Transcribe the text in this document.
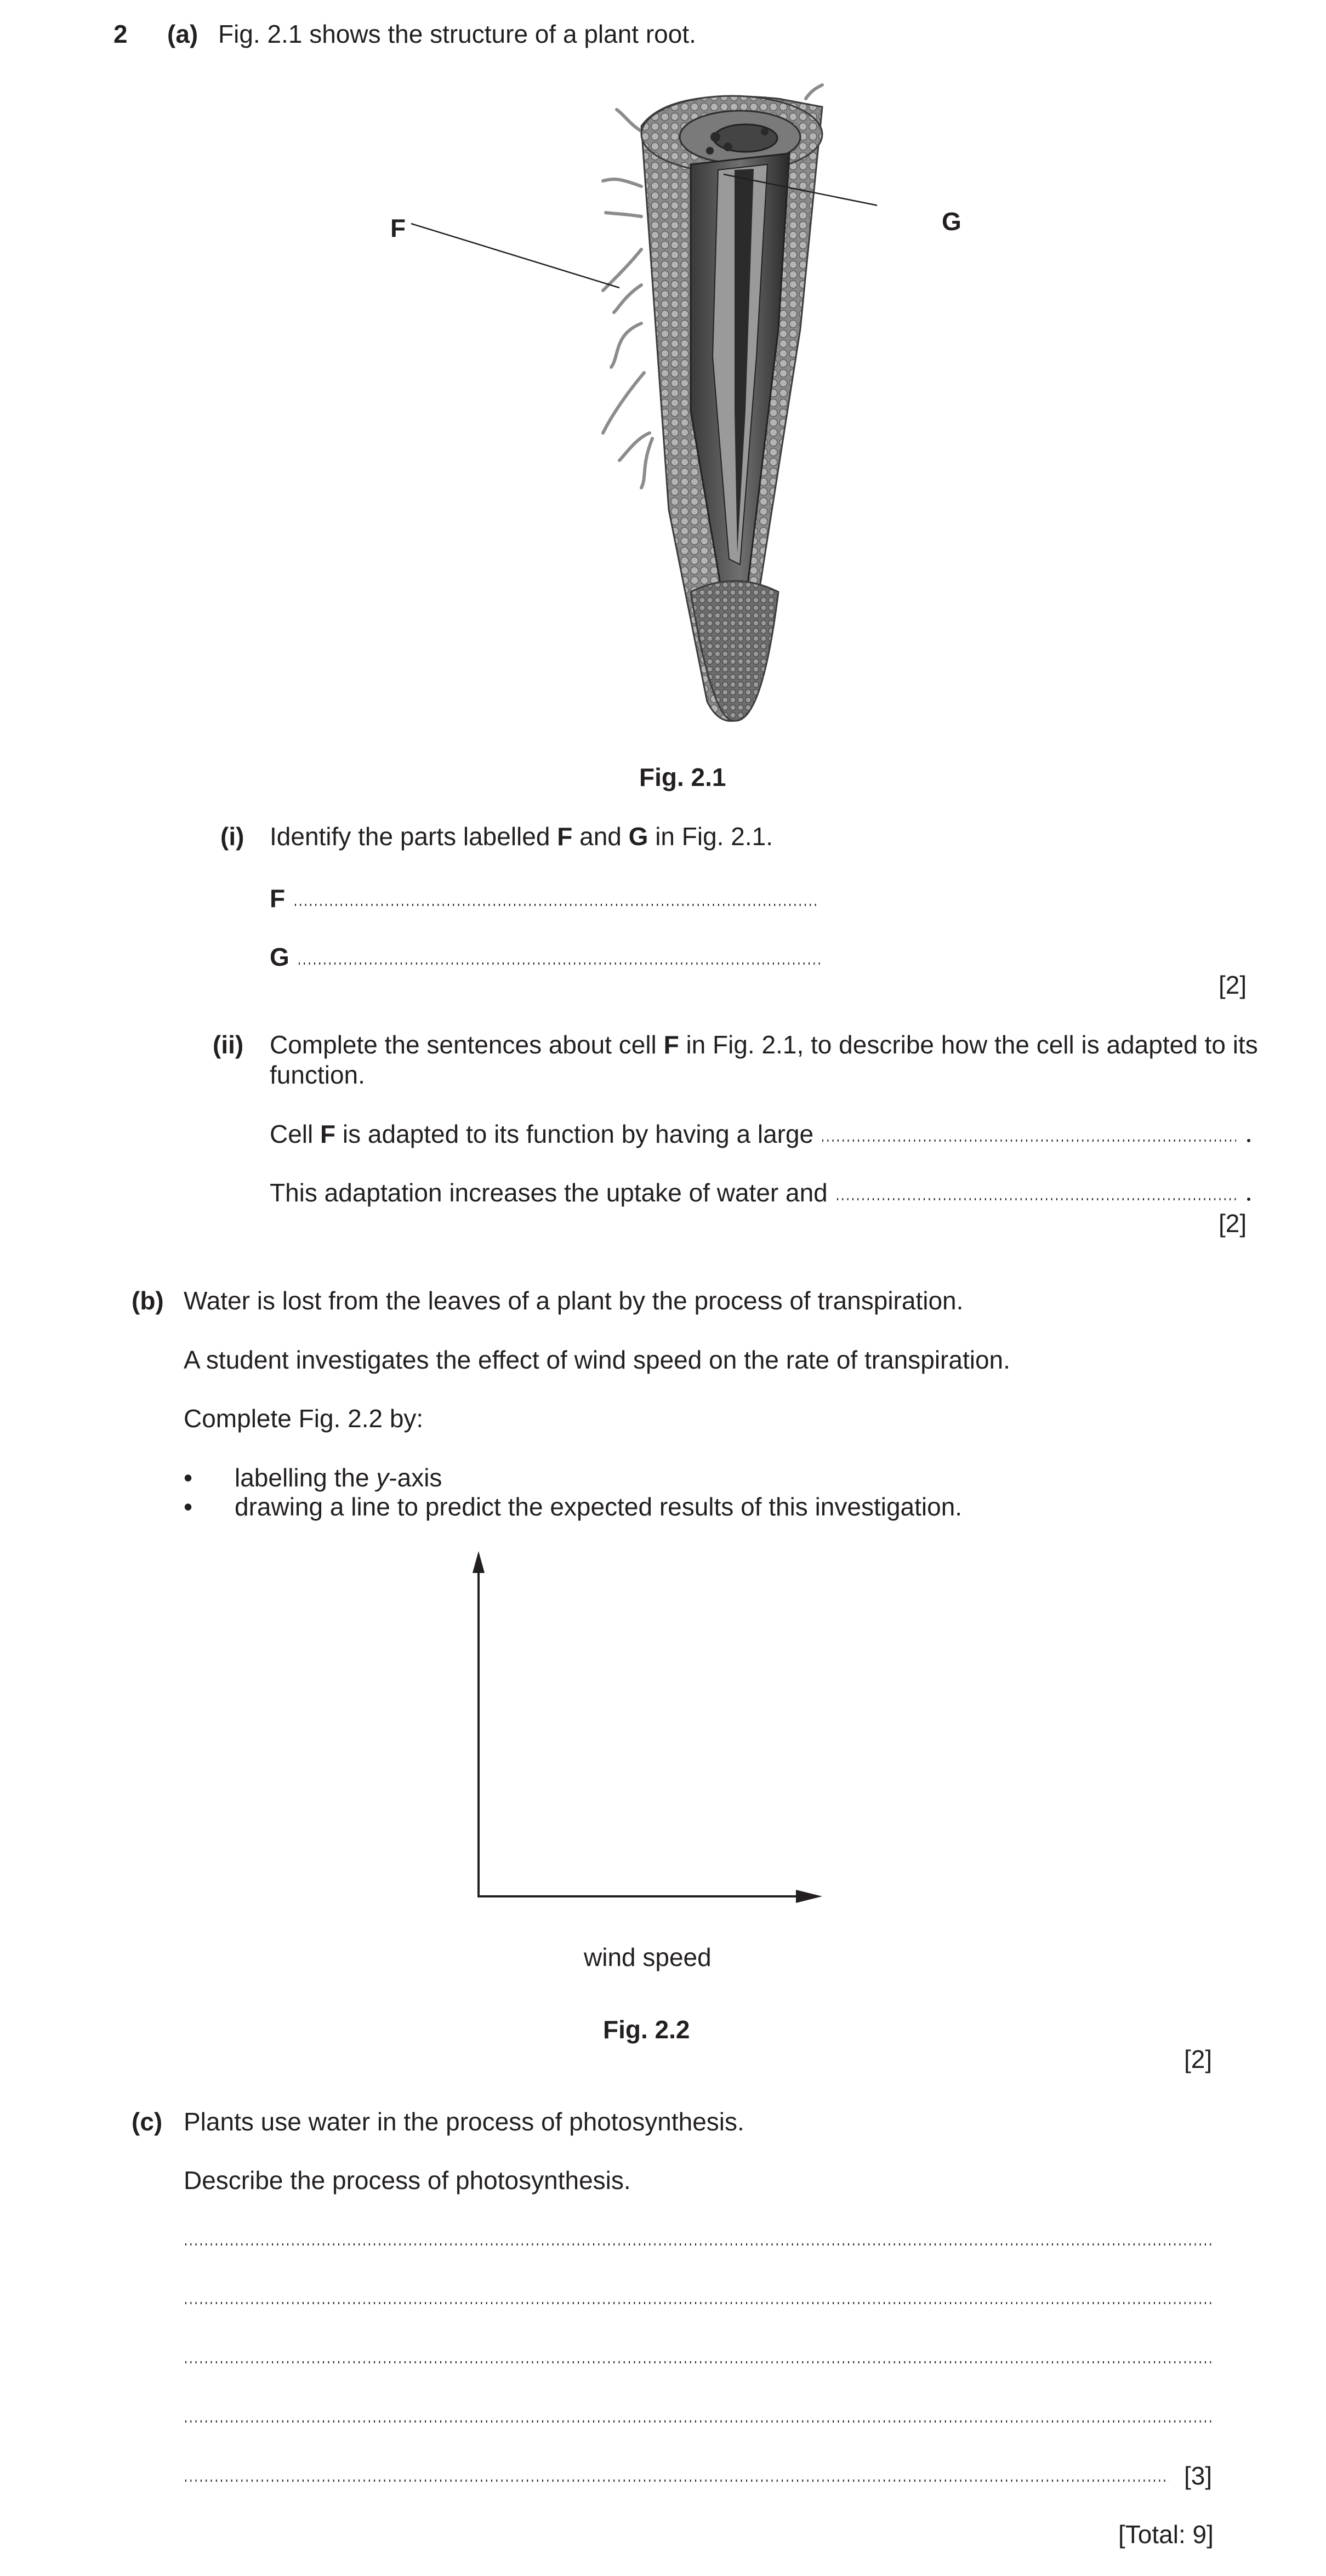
2 (a) Fig. 2.1 shows the structure of a plant root.
F	G
Fig. 2.1
(i) Identify the parts labelled F and G in Fig. 2.1.
F
G
[2]
(ii) Complete the sentences about cell F in Fig. 2.1, to describe how the cell is adapted to its
function.
Cell F is adapted to its function by having a large
This adaptation increases the uptake of water and
[2]
(b) Water is lost from the leaves of a plant by the process of transpiration.
A student investigates the effect of wind speed on the rate of transpiration.
Complete Fig. 2.2 by:
• labelling the y-axis
• drawing a line to predict the expected results of this investigation.
wind speed
Fig. 2.2
[2]
(c) Plants use water in the process of photosynthesis.
Describe the process of photosynthesis.
[3]
[Total: 9]
